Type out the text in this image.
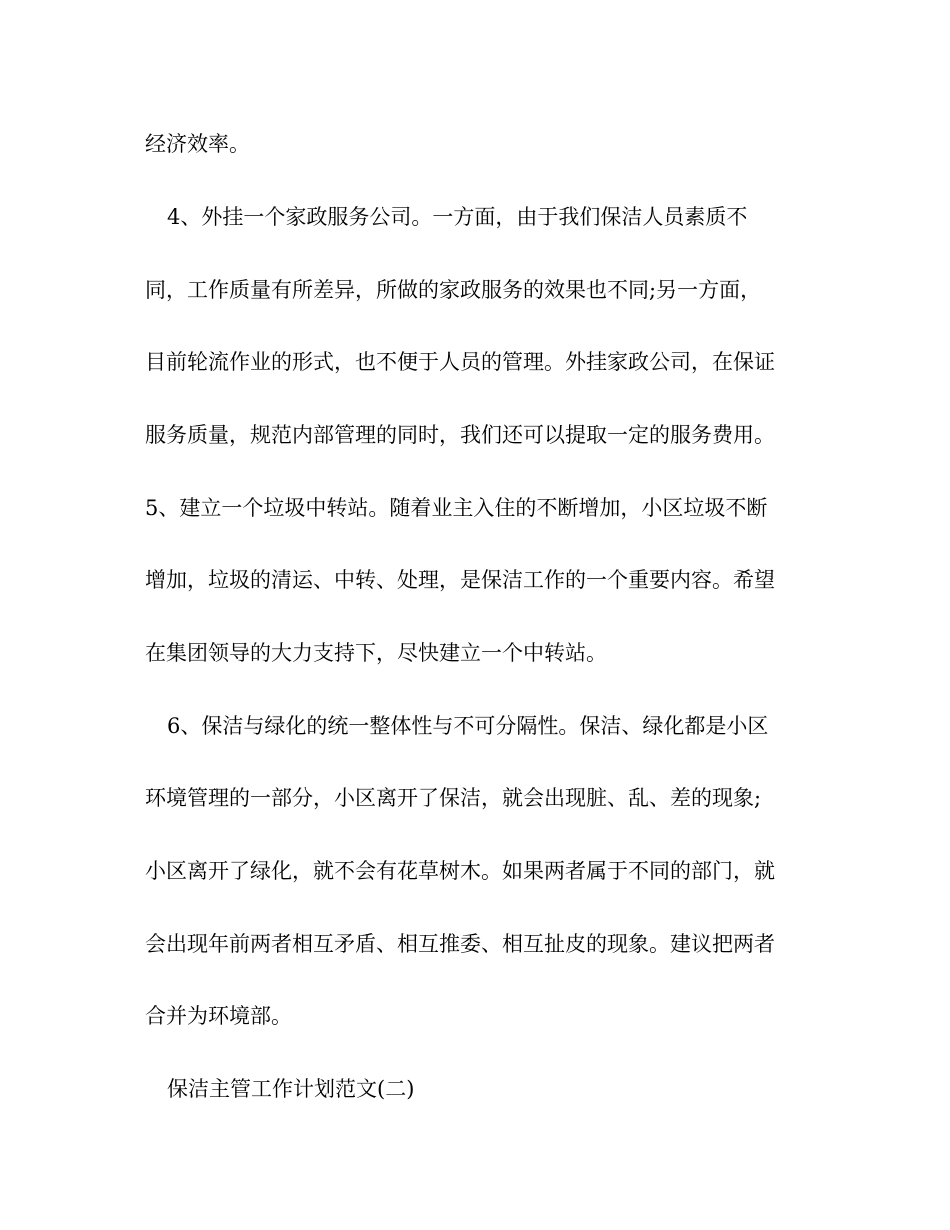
经济效率。
4、外挂一个家政服务公司。一方面，由于我们保洁人员素质不
同，工作质量有所差异，所做的家政服务的效果也不同;另一方面，
目前轮流作业的形式，也不便于人员的管理。外挂家政公司，在保证
服务质量，规范内部管理的同时，我们还可以提取一定的服务费用。
5、建立一个垃圾中转站。随着业主入住的不断增加，小区垃圾不断
增加，垃圾的清运、中转、处理，是保洁工作的一个重要内容。希望
在集团领导的大力支持下，尽快建立一个中转站。
6、保洁与绿化的统一整体性与不可分隔性。保洁、绿化都是小区
环境管理的一部分，小区离开了保洁，就会出现脏、乱、差的现象;
小区离开了绿化，就不会有花草树木。如果两者属于不同的部门，就
会出现年前两者相互矛盾、相互推委、相互扯皮的现象。建议把两者
合并为环境部。
保洁主管工作计划范文(二)
